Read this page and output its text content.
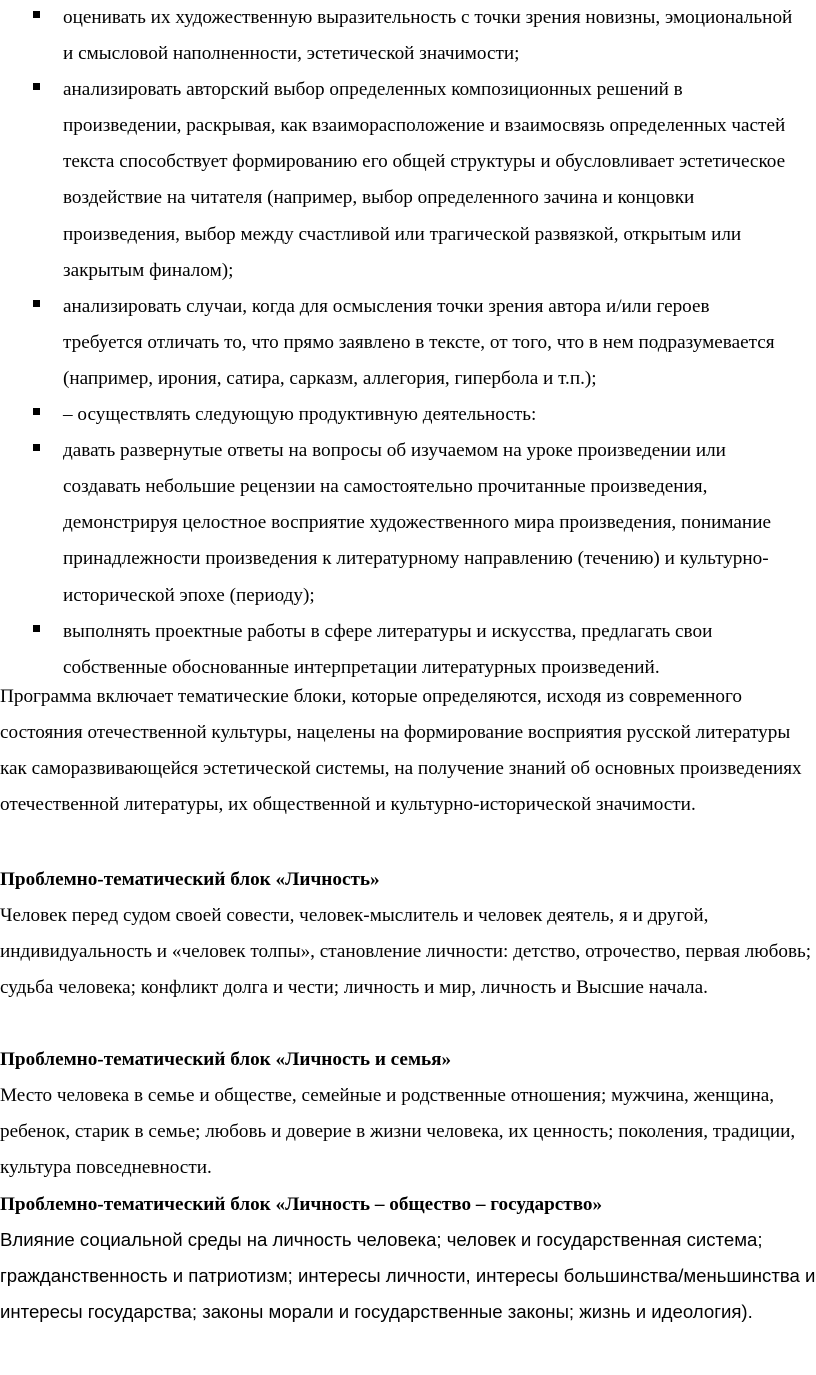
оценивать их художественную выразительность с точки зрения новизны, эмоциональной и смысловой наполненности, эстетической значимости;
анализировать авторский выбор определенных композиционных решений в произведении, раскрывая, как взаиморасположение и взаимосвязь определенных частей текста способствует формированию его общей структуры и обусловливает эстетическое воздействие на читателя (например, выбор определенного зачина и концовки произведения, выбор между счастливой или трагической развязкой, открытым или закрытым финалом);
анализировать случаи, когда для осмысления точки зрения автора и/или героев требуется отличать то, что прямо заявлено в тексте, от того, что в нем подразумевается (например, ирония, сатира, сарказм, аллегория, гипербола и т.п.);
– осуществлять следующую продуктивную деятельность:
давать развернутые ответы на вопросы об изучаемом на уроке произведении или создавать небольшие рецензии на самостоятельно прочитанные произведения, демонстрируя целостное восприятие художественного мира произведения, понимание принадлежности произведения к литературному направлению (течению) и культурно-исторической эпохе (периоду);
выполнять проектные работы в сфере литературы и искусства, предлагать свои собственные обоснованные интерпретации литературных произведений.

Программа включает тематические блоки, которые определяются, исходя из современного состояния отечественной культуры, нацелены на формирование восприятия русской литературы как саморазвивающейся эстетической системы, на получение знаний об основных произведениях отечественной литературы, их общественной и культурно-исторической значимости.

Проблемно-тематический блок «Личность»

Человек перед судом своей совести, человек-мыслитель и человек деятель, я и другой, индивидуальность и «человек толпы», становление личности: детство, отрочество, первая любовь; судьба человека; конфликт долга и чести; личность и мир, личность и Высшие начала.

Проблемно-тематический блок «Личность и семья»

Место человека в семье и обществе, семейные и родственные отношения; мужчина, женщина, ребенок, старик в семье; любовь и доверие в жизни человека, их ценность; поколения, традиции, культура повседневности.

Проблемно-тематический блок «Личность – общество – государство»

Влияние социальной среды на личность человека; человек и государственная система; гражданственность и патриотизм; интересы личности, интересы большинства/меньшинства и интересы государства; законы морали и государственные законы; жизнь и идеология).
